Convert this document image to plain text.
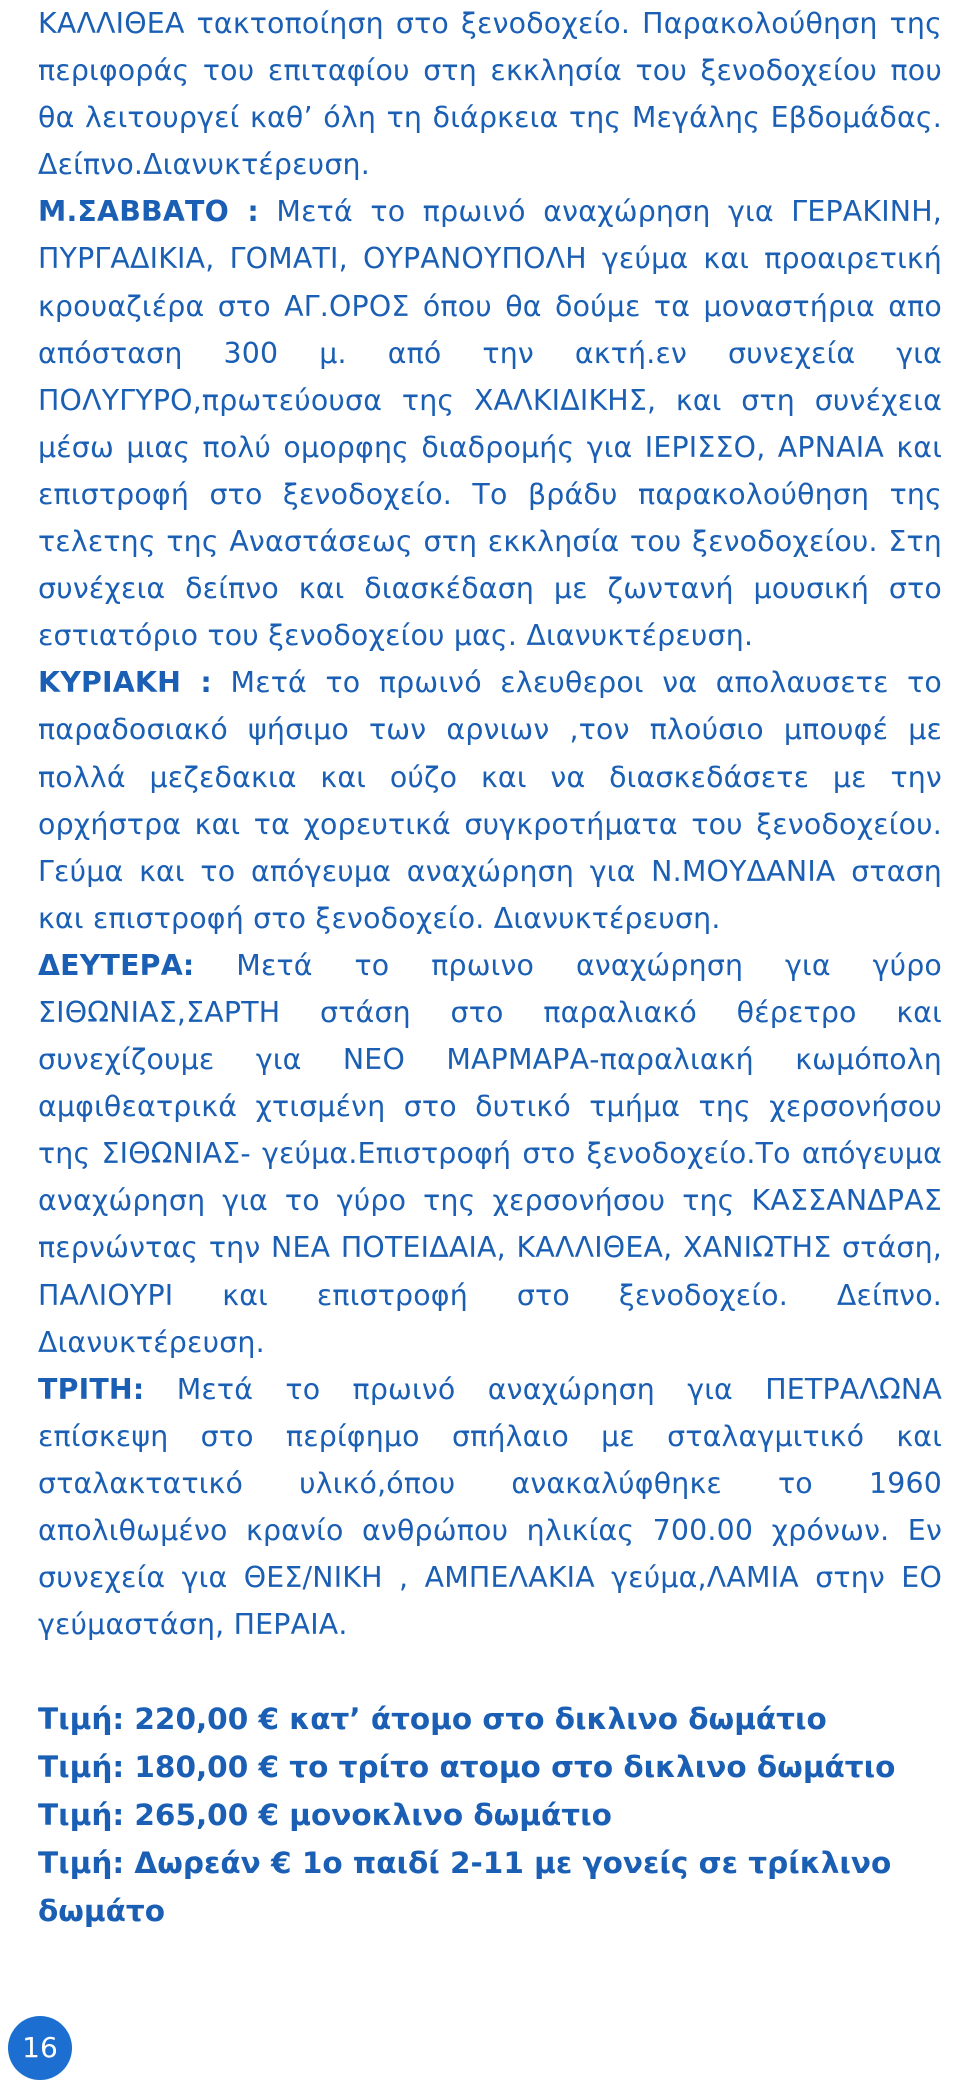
ΚΑΛΛΙΘΕΑ τακτοποίηση στο ξενοδοχείο. Παρακολούθηση της περιφοράς του επιταφίου στη εκκλησία του ξενοδοχείου που θα λειτουργεί καθ’ όλη τη διάρκεια της Μεγάλης Εβδομάδας. Δείπνο.Διανυκτέρευση.

Μ.ΣΑΒΒΑΤΟ : Μετά το πρωινό αναχώρηση για ΓΕΡΑΚΙΝΗ, ΠΥΡΓΑΔΙΚΙΑ, ΓΟΜΑΤΙ, ΟΥΡΑΝΟΥΠΟΛΗ γεύμα και προαιρετική κρουαζιέρα στο ΑΓ.ΟΡΟΣ όπου θα δούμε τα μοναστήρια απο απόσταση 300 μ. από την ακτή.εν συνεχεία για ΠΟΛΥΓΥΡΟ,πρωτεύουσα της ΧΑΛΚΙΔΙΚΗΣ, και στη συνέχεια μέσω μιας πολύ ομορφης διαδρομής για ΙΕΡΙΣΣΟ, ΑΡΝΑΙΑ και επιστροφή στο ξενοδοχείο. Το βράδυ παρακολούθηση της τελετης της Αναστάσεως στη εκκλησία του ξενοδοχείου. Στη συνέχεια δείπνο και διασκέδαση με ζωντανή μουσική στο εστιατόριο του ξενοδοχείου μας. Διανυκτέρευση.

ΚΥΡΙΑΚΗ : Μετά το πρωινό ελευθεροι να απολαυσετε το παραδοσιακό ψήσιμο των αρνιων ,τον πλούσιο μπουφέ με πολλά μεζεδακια και ούζο και να διασκεδάσετε με την ορχήστρα και τα χορευτικά συγκροτήματα του ξενοδοχείου. Γεύμα και το απόγευμα αναχώρηση για Ν.ΜΟΥΔΑΝΙΑ σταση και επιστροφή στο ξενοδοχείο. Διανυκτέρευση.

ΔΕΥΤΕΡΑ: Μετά το πρωινο αναχώρηση για γύρο ΣΙΘΩΝΙΑΣ,ΣΑΡΤΗ στάση στο παραλιακό θέρετρο και συνεχίζουμε για ΝΕΟ ΜΑΡΜΑΡΑ-παραλιακή κωμόπολη αμφιθεατρικά χτισμένη στο δυτικό τμήμα της χερσονήσου της ΣΙΘΩΝΙΑΣ- γεύμα.Επιστροφή στο ξενοδοχείο.Το απόγευμα αναχώρηση για το γύρο της χερσονήσου της ΚΑΣΣΑΝΔΡΑΣ περνώντας την ΝΕΑ ΠΟΤΕΙΔΑΙΑ, ΚΑΛΛΙΘΕΑ, ΧΑΝΙΩΤΗΣ στάση, ΠΑΛΙΟΥΡΙ και επιστροφή στο ξενοδοχείο. Δείπνο. Διανυκτέρευση.

ΤΡΙΤΗ: Μετά το πρωινό αναχώρηση για ΠΕΤΡΑΛΩΝΑ επίσκεψη στο περίφημο σπήλαιο με σταλαγμιτικό και σταλακτατικό υλικό,όπου ανακαλύφθηκε το 1960 απολιθωμένο κρανίο ανθρώπου ηλικίας 700.00 χρόνων. Εν συνεχεία για ΘΕΣ/ΝΙΚΗ , ΑΜΠΕΛΑΚΙΑ γεύμα,ΛΑΜΙΑ στην ΕΟ γεύμαστάση, ΠΕΡΑΙΑ.

Τιμή: 220,00 € κατ’ άτομο στο δικλινο δωμάτιο
Τιμή: 180,00 € το τρίτο ατομο στο δικλινο δωμάτιο
Τιμή: 265,00 € μονοκλινο δωμάτιο
Τιμή: Δωρεάν € 1ο παιδί 2-11 με γονείς σε τρίκλινο δωμάτο
16
